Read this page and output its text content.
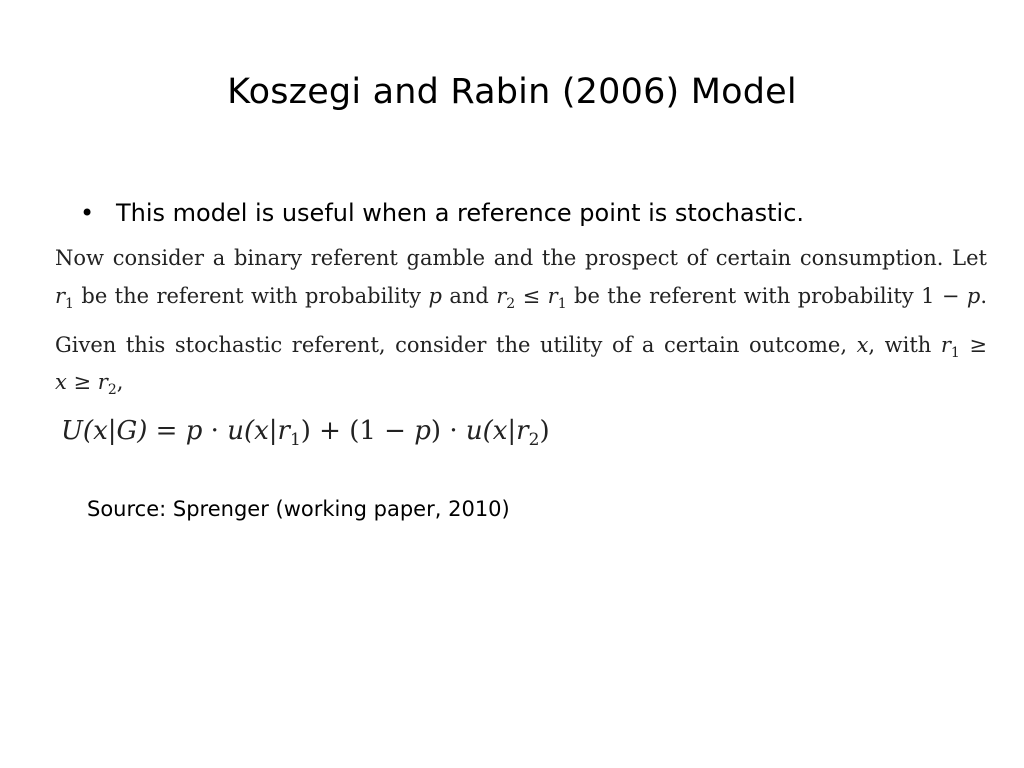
Koszegi and Rabin (2006) Model
• This model is useful when a reference point is stochastic.
Now consider a binary referent gamble and the prospect of certain consumption. Let
$r_1$ be the referent with probability p and $r_2 \le r_1$ be the referent with probability 1 − p.
Given this stochastic referent, consider the utility of a certain outcome, x, with $r_1$ ≥
$x \ge r_2$,
$U(x|G) = p \cdot u(x|r_1) + (1 - p) \cdot u(x|r_2)$
Source: Sprenger (working paper, 2010)
